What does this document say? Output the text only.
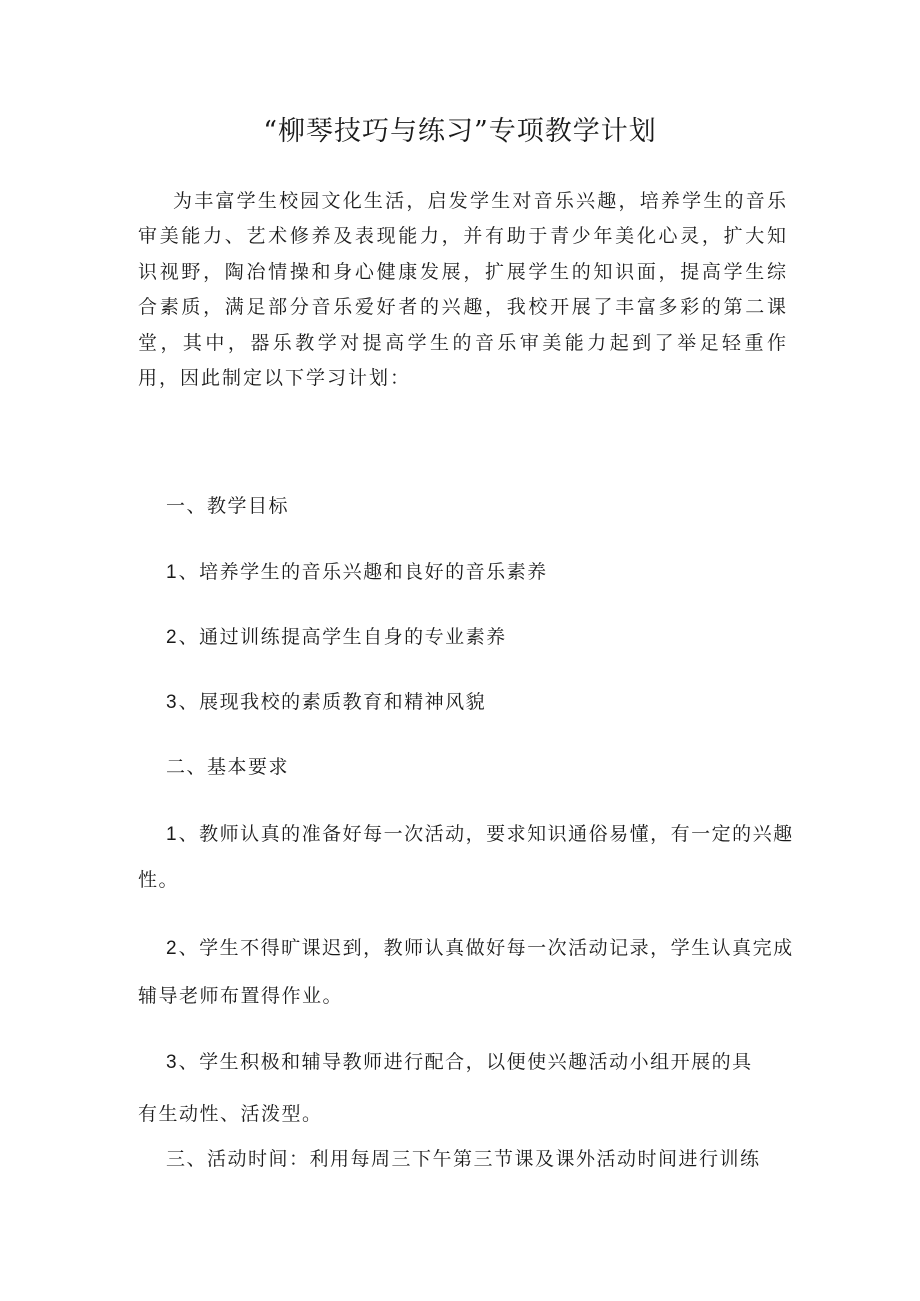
“柳琴技巧与练习”专项教学计划
为丰富学生校园文化生活，启发学生对音乐兴趣，培养学生的音乐审美能力、艺术修养及表现能力，并有助于青少年美化心灵，扩大知识视野，陶冶情操和身心健康发展，扩展学生的知识面，提高学生综合素质，满足部分音乐爱好者的兴趣，我校开展了丰富多彩的第二课堂，其中，器乐教学对提高学生的音乐审美能力起到了举足轻重作用，因此制定以下学习计划：
一、教学目标
1 、培养学生的音乐兴趣和良好的音乐素养
2 、通过训练提高学生自身的专业素养
3 、展现我校的素质教育和精神风貌
二、基本要求
1 、教师认真的准备好每一次活动，要求知识通俗易懂，有一定的兴趣
性。
2 、学生不得旷课迟到，教师认真做好每一次活动记录，学生认真完成
辅导老师布置得作业。
3 、学生积极和辅导教师进行配合，以便使兴趣活动小组开展的具
有生动性、活泼型。
三、活动时间：利用每周三下午第三节课及课外活动时间进行训练
